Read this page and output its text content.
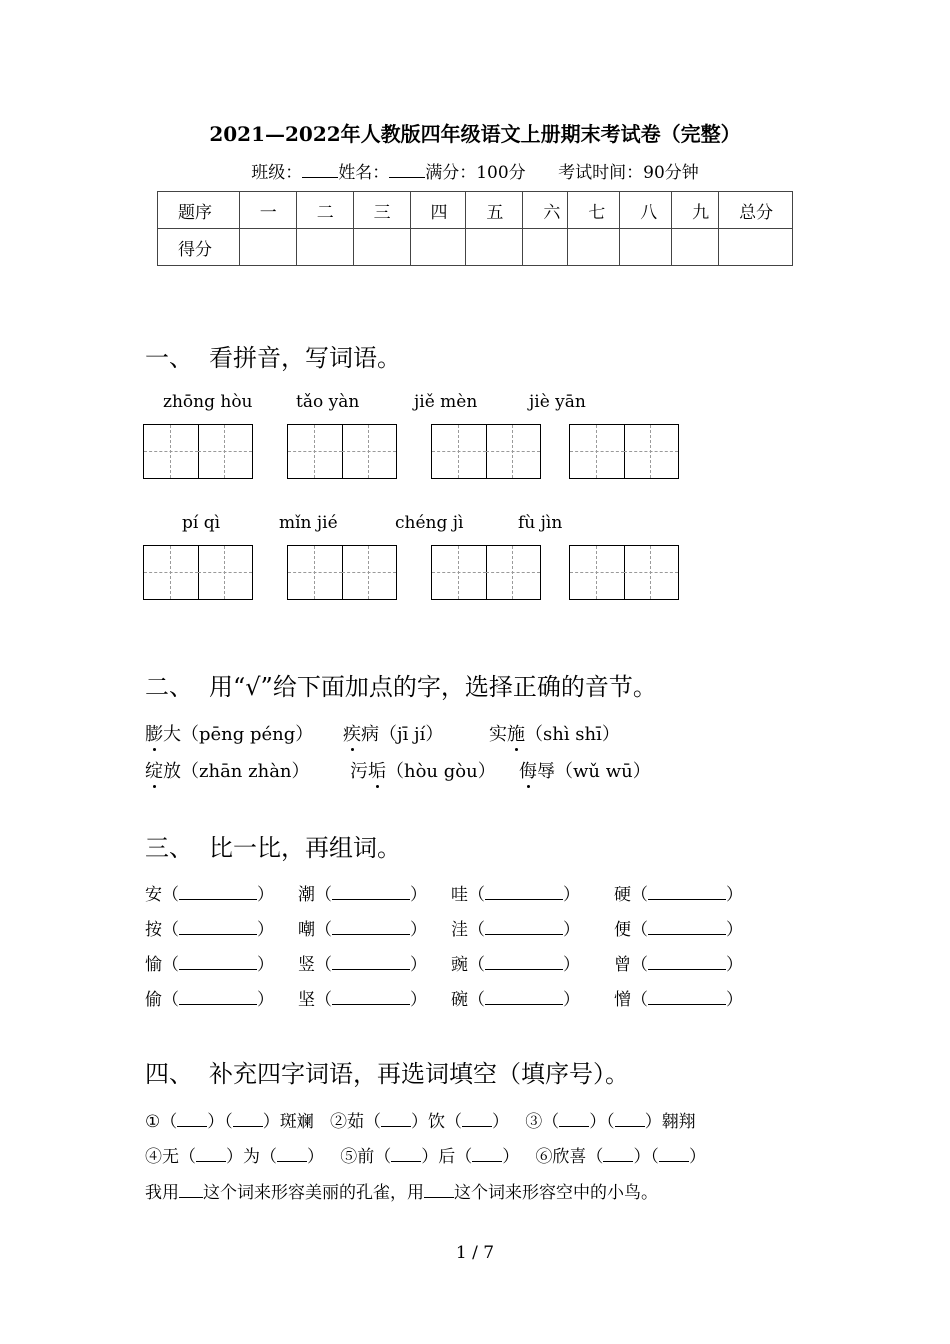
2021—2022年人教版四年级语文上册期末考试卷（完整）
班级： 姓名： 满分：100分 考试时间：90分钟
题序	一	二	三	四	五	六	七	八	九	总分
得分										
一、 看拼音，写词语。
zhōng hòu	tǎo yàn	jiě mèn	jiè yān
pí qì	mǐn jié	chéng jì	fù jìn
二、 用“√”给下面加点的字，选择正确的音节。
膨大（pēng péng） 疾病（jī jí）	实施（shì shī）
绽放（zhān zhàn） 污垢（hòu gòu） 侮辱（wǔ wū）
三、 比一比，再组词。
安（	） 潮（	） 哇（	） 硬（	）
按（	） 嘲（	） 洼（	） 便（	）
愉（	） 竖（	） 豌（	） 曾（	）
偷（	） 坚（	） 碗（	） 憎（	）
四、 补充四字词语，再选词填空（填序号）。
①（ ）（ ）斑斓 ②茹（ ）饮（ ） ③（ ）（ ）翱翔
④无（ ）为（ ） ⑤前（ ）后（ ） ⑥欣喜（ ）（ ）
我用 这个词来形容美丽的孔雀，用 这个词来形容空中的小鸟。
1 / 7
